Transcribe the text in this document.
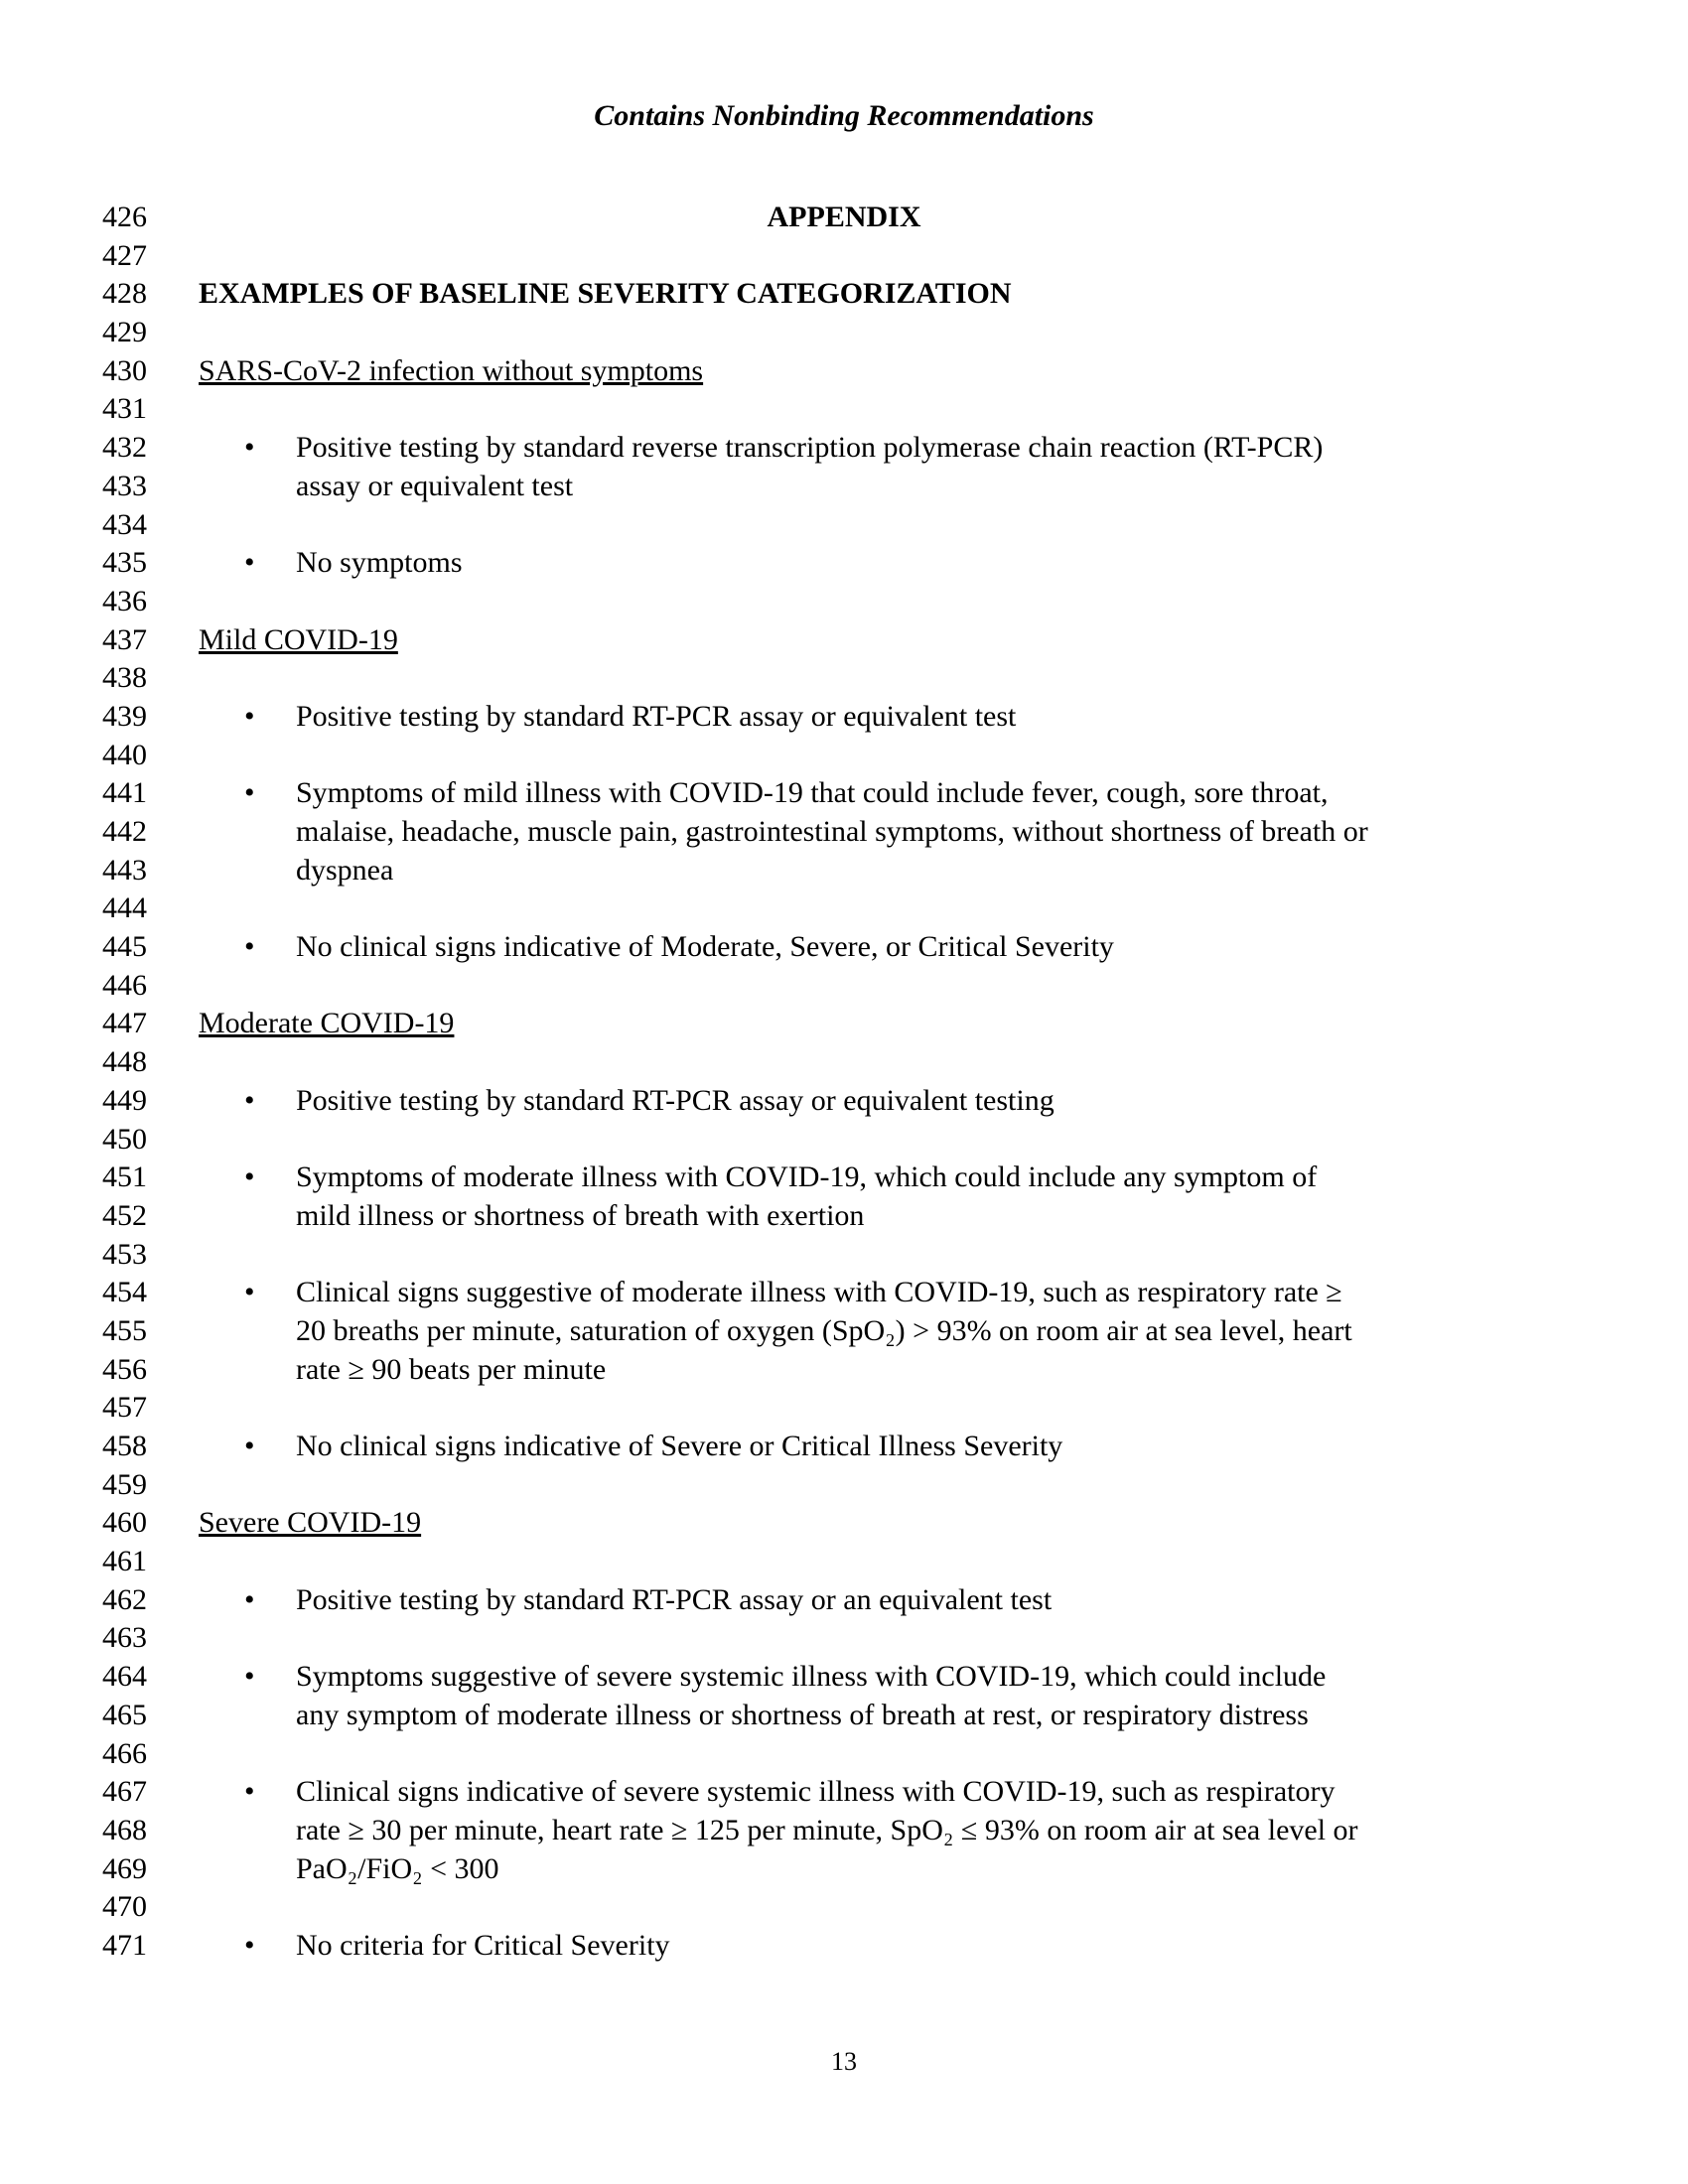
Contains Nonbinding Recommendations
426	APPENDIX
427
428 EXAMPLES OF BASELINE SEVERITY CATEGORIZATION
429
430 SARS-CoV-2 infection without symptoms
431
432	• Positive testing by standard reverse transcription polymerase chain reaction (RT-PCR)
433	assay or equivalent test
434
435	• No symptoms
436
437 Mild COVID-19
438
439	• Positive testing by standard RT-PCR assay or equivalent test
440
441	• Symptoms of mild illness with COVID-19 that could include fever, cough, sore throat,
442	malaise, headache, muscle pain, gastrointestinal symptoms, without shortness of breath or
443	dyspnea
444
445	• No clinical signs indicative of Moderate, Severe, or Critical Severity
446
447 Moderate COVID-19
448
449	• Positive testing by standard RT-PCR assay or equivalent testing
450
451	• Symptoms of moderate illness with COVID-19, which could include any symptom of
452	mild illness or shortness of breath with exertion
453
454	• Clinical signs suggestive of moderate illness with COVID-19, such as respiratory rate ≥
455	20 breaths per minute, saturation of oxygen (SpO₂) > 93% on room air at sea level, heart
456	rate ≥ 90 beats per minute
457
458	• No clinical signs indicative of Severe or Critical Illness Severity
459
460 Severe COVID-19
461
462	• Positive testing by standard RT-PCR assay or an equivalent test
463
464	• Symptoms suggestive of severe systemic illness with COVID-19, which could include
465	any symptom of moderate illness or shortness of breath at rest, or respiratory distress
466
467	• Clinical signs indicative of severe systemic illness with COVID-19, such as respiratory
468	rate ≥ 30 per minute, heart rate ≥ 125 per minute, SpO₂ ≤ 93% on room air at sea level or
469	PaO₂/FiO₂ < 300
470
471	• No criteria for Critical Severity
13
